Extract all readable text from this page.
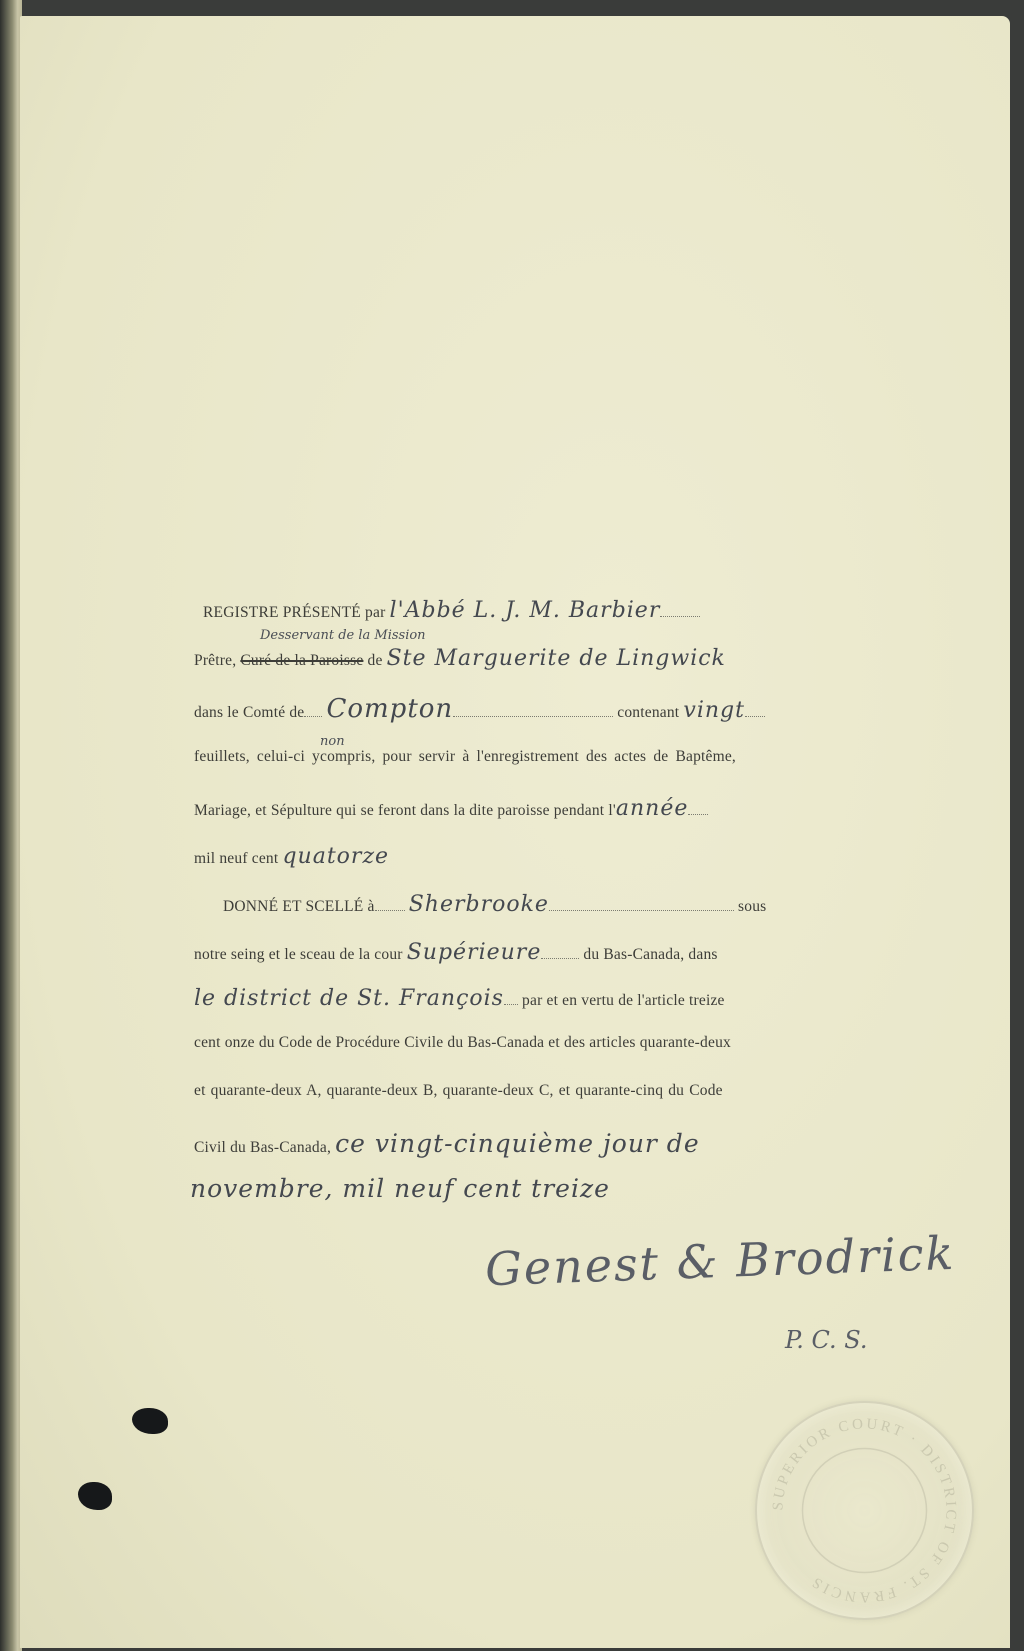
REGISTRE PRÉSENTÉ par l'Abbé L. J. M. Barbier
Desservant de la Mission
Prêtre, Curé de la Paroisse de Ste Marguerite de Lingwick
dans le Comté de Compton	contenant vingt
non
feuillets, celui-ci ycompris, pour servir à l'enregistrement des actes de Baptême,
Mariage, et Sépulture qui se feront dans la dite paroisse pendant l'année
mil neuf cent quatorze
DONNÉ ET SCELLÉ à Sherbrooke	sous
notre seing et le sceau de la cour Supérieure	du Bas-Canada, dans
le district de St. François par et en vertu de l'article treize
cent onze du Code de Procédure Civile du Bas-Canada et des articles quarante-deux
et quarante-deux A, quarante-deux B, quarante-deux C, et quarante-cinq du Code
Civil du Bas-Canada, ce vingt-cinquième jour de
novembre, mil neuf cent treize
Genest & Brodrick
P. C. S.
SUPERIOR COURT · DISTRICT OF ST. FRANCIS
